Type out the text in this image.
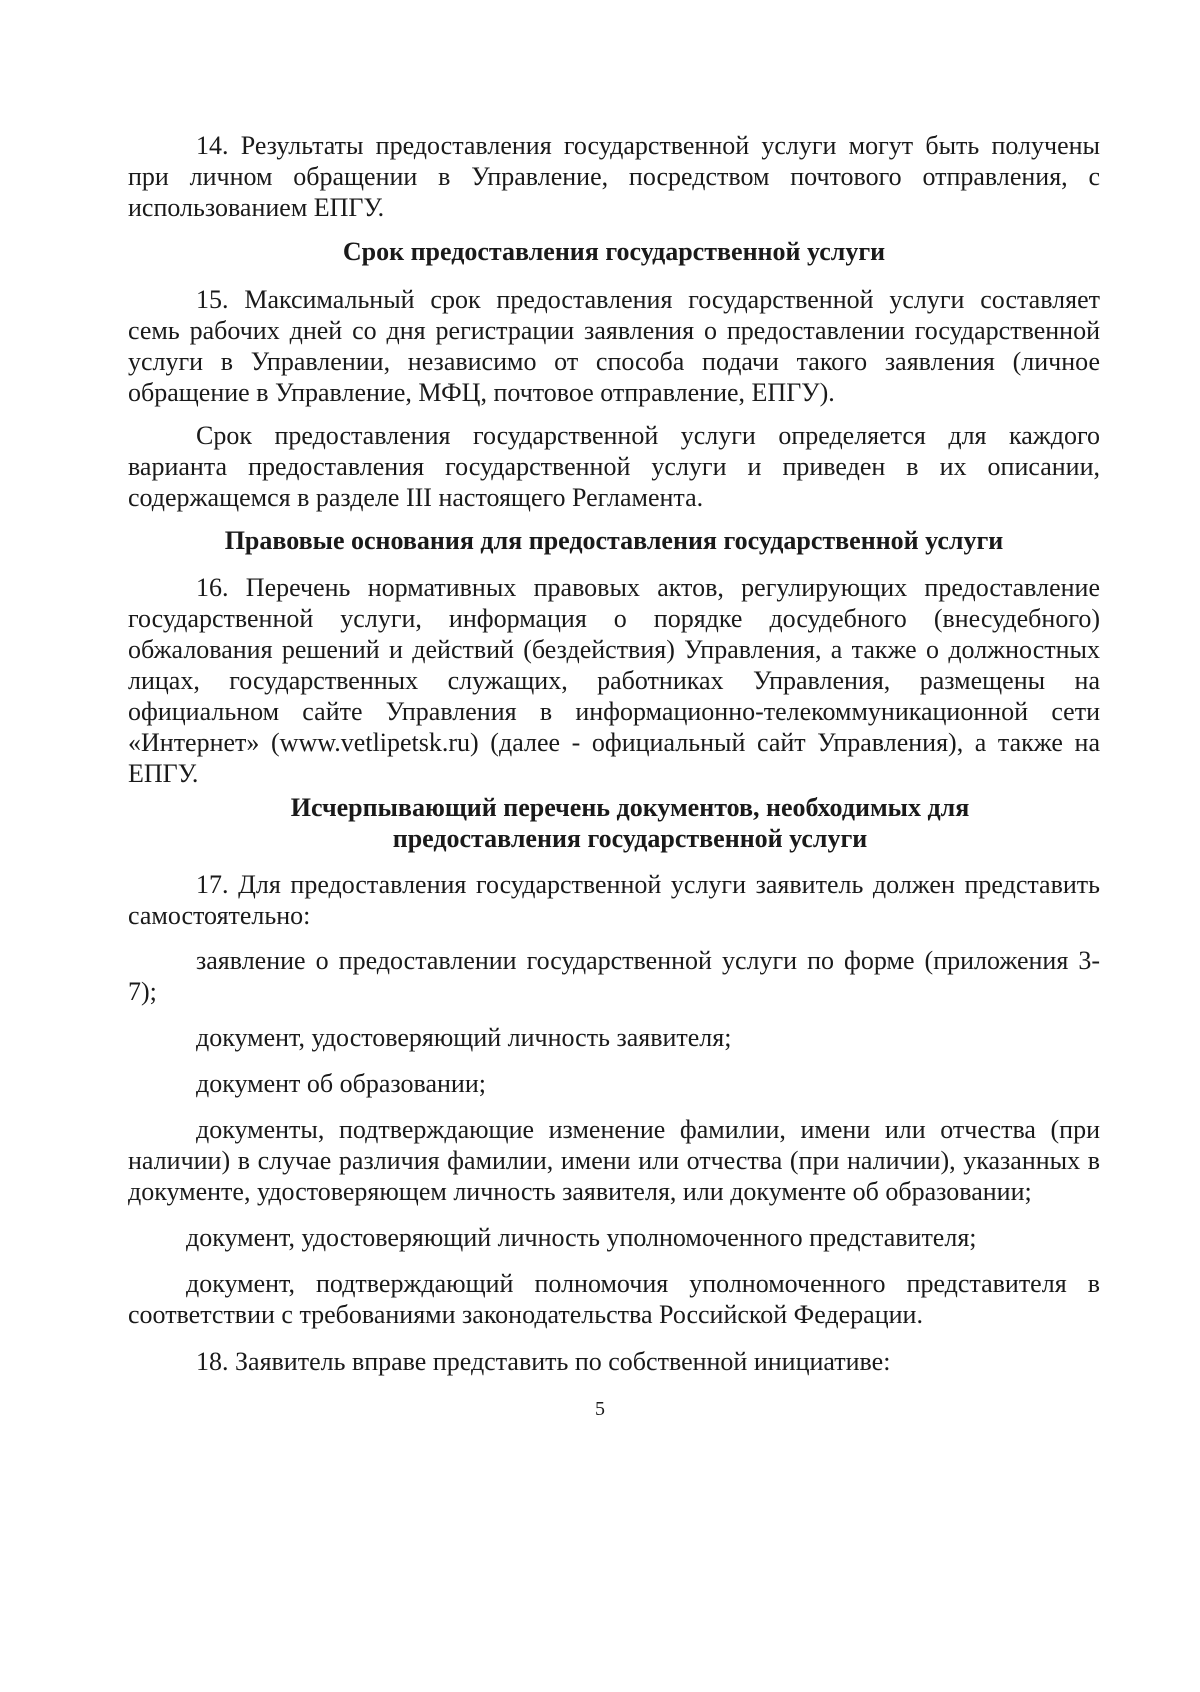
14. Результаты предоставления государственной услуги могут быть получены при личном обращении в Управление, посредством почтового отправления, с использованием ЕПГУ.

Срок предоставления государственной услуги

15. Максимальный срок предоставления государственной услуги составляет семь рабочих дней со дня регистрации заявления о предоставлении государственной услуги в Управлении, независимо от способа подачи такого заявления (личное обращение в Управление, МФЦ, почтовое отправление, ЕПГУ).

Срок предоставления государственной услуги определяется для каждого варианта предоставления государственной услуги и приведен в их описании, содержащемся в разделе III настоящего Регламента.

Правовые основания для предоставления государственной услуги

16. Перечень нормативных правовых актов, регулирующих предоставление государственной услуги, информация о порядке досудебного (внесудебного) обжалования решений и действий (бездействия) Управления, а также о должностных лицах, государственных служащих, работниках Управления, размещены на официальном сайте Управления в информационно-телекоммуникационной сети «Интернет» (www.vetlipetsk.ru) (далее - официальный сайт Управления), а также на ЕПГУ.

Исчерпывающий перечень документов, необходимых для предоставления государственной услуги

17. Для предоставления государственной услуги заявитель должен представить самостоятельно:

заявление о предоставлении государственной услуги по форме (приложения 3-7);

документ, удостоверяющий личность заявителя;

документ об образовании;

документы, подтверждающие изменение фамилии, имени или отчества (при наличии) в случае различия фамилии, имени или отчества (при наличии), указанных в документе, удостоверяющем личность заявителя, или документе об образовании;

документ, удостоверяющий личность уполномоченного представителя;

документ, подтверждающий полномочия уполномоченного представителя в соответствии с требованиями законодательства Российской Федерации.

18. Заявитель вправе представить по собственной инициативе:

5
